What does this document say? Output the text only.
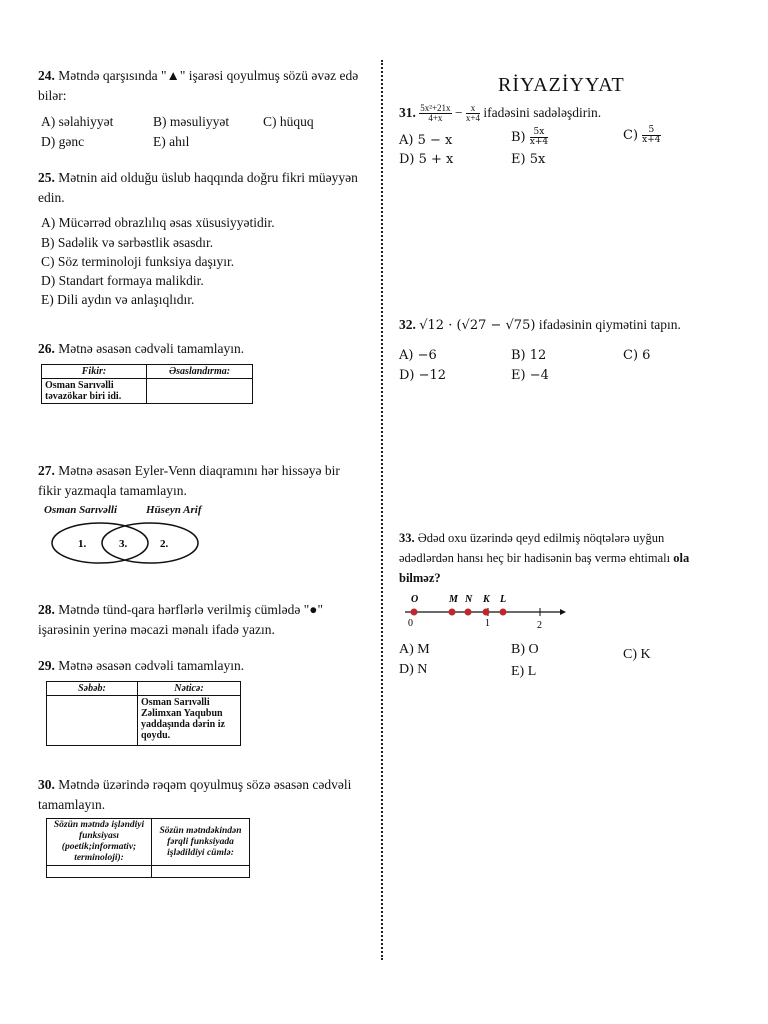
24. Mətndə qarşısında "▲" işarəsi qoyulmuş sözü əvəz edə
bilər:
A) səlahiyyət	B) məsuliyyət	C) hüquq
D) gənc	E) ahıl
25. Mətnin aid olduğu üslub haqqında doğru fikri müəyyən
edin.
A) Mücərrəd obrazlılıq əsas xüsusiyyətidir.
B) Sadəlik və sərbəstlik əsasdır.
C) Söz terminoloji funksiya daşıyır.
D) Standart formaya malikdir.
E) Dili aydın və anlaşıqlıdır.
26. Mətnə əsasən cədvəli tamamlayın.
Fikir:	Əsaslandırma:
Osman Sarıvəlli təvazökar biri idi.	
27. Mətnə əsasən Eyler-Venn diaqramını hər hissəyə bir
fikir yazmaqla tamamlayın.
Osman Sarıvəlli	Hüseyn Arif
1.	3.	2.
28. Mətndə tünd-qara hərflərlə verilmiş cümlədə "●"
işarəsinin yerinə məcazi mənalı ifadə yazın.
29. Mətnə əsasən cədvəli tamamlayın.
Səbəb:	Nəticə:
	Osman Sarıvəlli Zəlimxan Yaqubun yaddaşında dərin iz qoydu.
30. Mətndə üzərində rəqəm qoyulmuş sözə əsasən cədvəli
tamamlayın.
Sözün mətndə işləndiyi funksiyası (poetik;informativ; terminoloji):	Sözün mətndəkindən fərqli funksiyada işlədildiyi cümlə:

RİYAZİYYAT
31. $\frac{\text{5x²+21x}}{4+x} - \frac{x}{x+4}$ ifadəsini sadələşdirin.
A) 5 − x	$B) \frac{5x}{x+4}$	$C) \frac{5}{x+4}$
D) 5 + x	E) 5x
32. √12 · (√27 − √75) ifadəsinin qiymətini tapın.
A) −6	B) 12	C) 6
D) −12	E) −4
33. Ədəd oxu üzərində qeyd edilmiş nöqtələrə uyğun
ədədlərdən hansı heç bir hadisənin baş vermə ehtimalı ola
bilməz?
O	M N K L
0	1	2
A) M	B) O	C) K
D) N	E) L
